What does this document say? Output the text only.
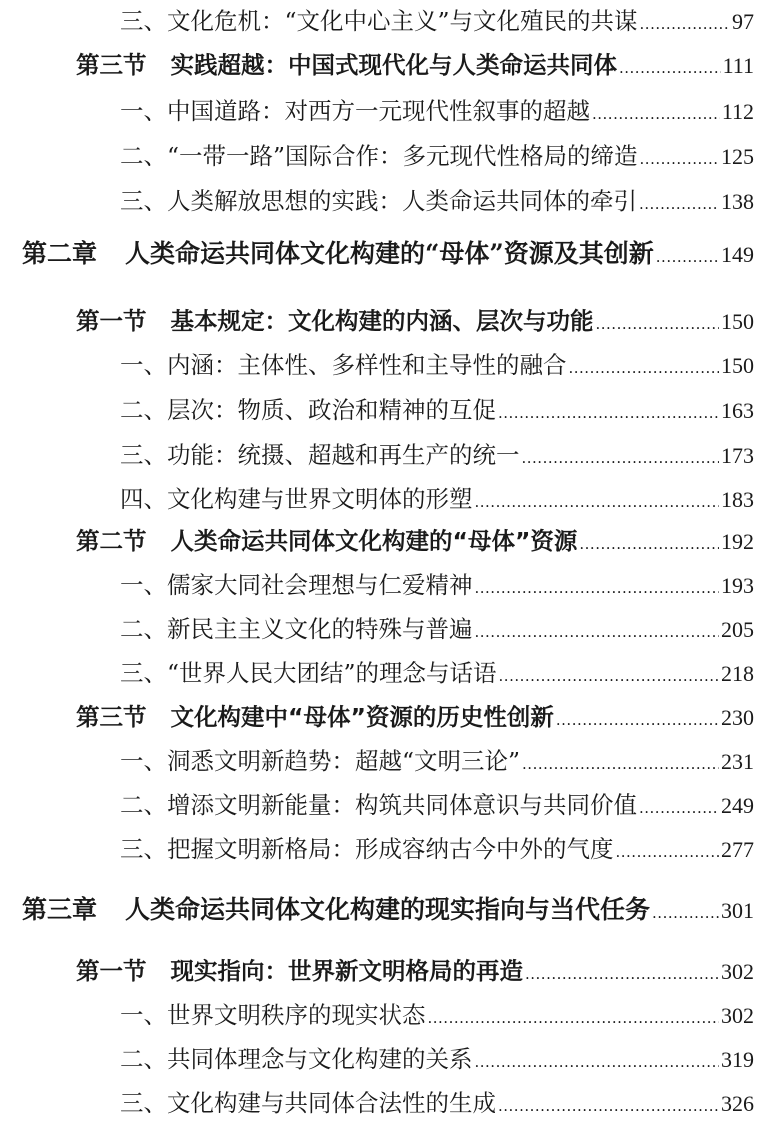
三、 文化危机：“文化中心主义”与文化殖民的共谋 .....	97
第三节 实践超越：中国式现代化与人类命运共同体 .....	111
一、 中国道路：对西方一元现代性叙事的超越 .....	112
二、 “一带一路”国际合作：多元现代性格局的缔造 .....	125
三、 人类解放思想的实践：人类命运共同体的牵引 .....	138
第二章 人类命运共同体文化构建的“母体”资源及其创新 .....	149
第一节 基本规定：文化构建的内涵、层次与功能 .....	150
一、 内涵：主体性、多样性和主导性的融合 .....	150
二、 层次：物质、政治和精神的互促 .....	163
三、 功能：统摄、超越和再生产的统一 .....	173
四、 文化构建与世界文明体的形塑 .....	183
第二节 人类命运共同体文化构建的“母体”资源 .....	192
一、 儒家大同社会理想与仁爱精神 .....	193
二、 新民主主义文化的特殊与普遍 .....	205
三、 “世界人民大团结”的理念与话语 .....	218
第三节 文化构建中“母体”资源的历史性创新 .....	230
一、 洞悉文明新趋势：超越“文明三论” .....	231
二、 增添文明新能量：构筑共同体意识与共同价值 .....	249
三、 把握文明新格局：形成容纳古今中外的气度 .....	277
第三章 人类命运共同体文化构建的现实指向与当代任务 .....	301
第一节 现实指向：世界新文明格局的再造 .....	302
一、 世界文明秩序的现实状态 .....	302
二、 共同体理念与文化构建的关系 .....	319
三、 文化构建与共同体合法性的生成 .....	326
